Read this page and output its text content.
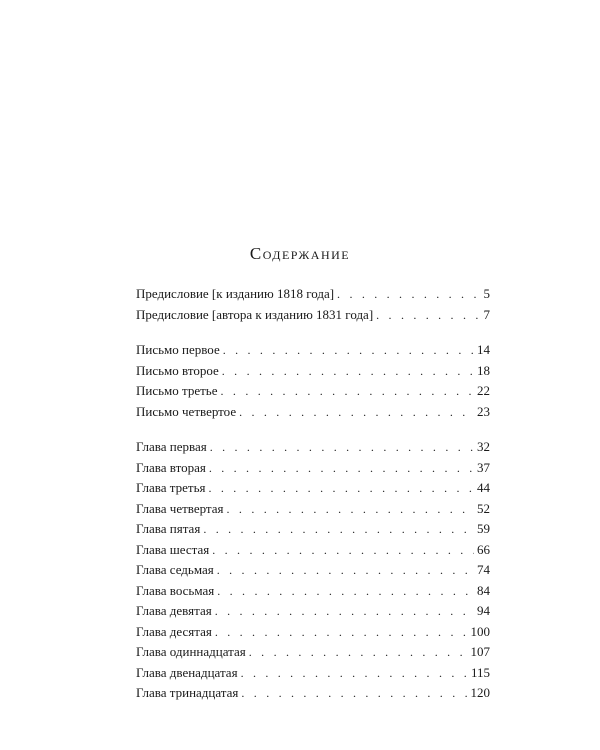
Содержание
Предисловие [к изданию 1818 года] . . .	5
Предисловие [автора к изданию 1831 года] . . .	7
Письмо первое . . .	14
Письмо второе . . .	18
Письмо третье . . .	22
Письмо четвертое . . .	23
Глава первая . . .	32
Глава вторая . . .	37
Глава третья . . .	44
Глава четвертая . . .	52
Глава пятая . . .	59
Глава шестая . . .	66
Глава седьмая . . .	74
Глава восьмая . . .	84
Глава девятая . . .	94
Глава десятая . . .	100
Глава одиннадцатая . . .	107
Глава двенадцатая . . .	115
Глава тринадцатая . . .	120
